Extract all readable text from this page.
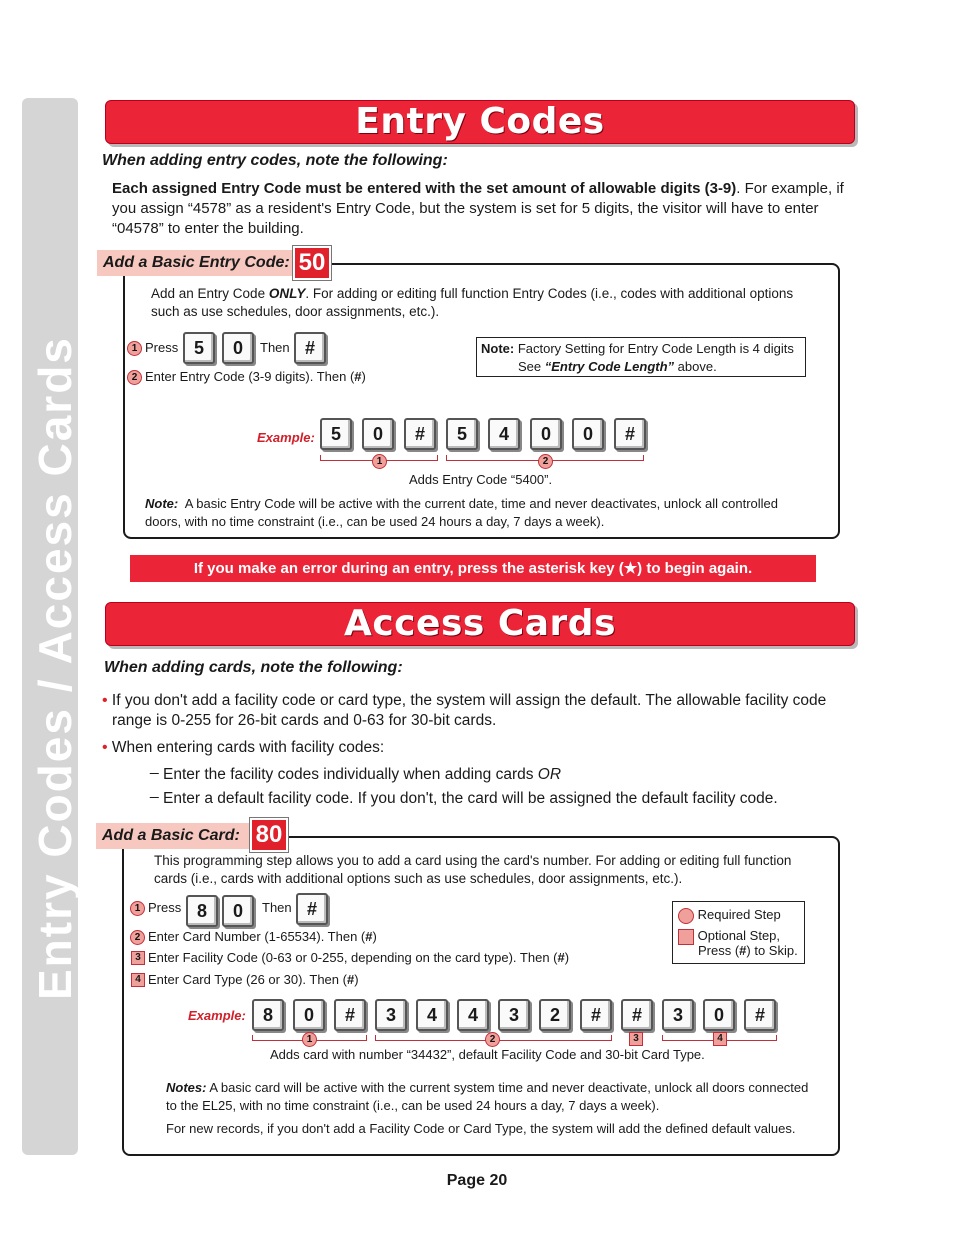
Entry Codes / Access Cards
Entry Codes
When adding entry codes, note the following:
Each assigned Entry Code must be entered with the set amount of allowable digits (3-9). For example, if
you assign “4578” as a resident's Entry Code, but the system is set for 5 digits, the visitor will have to enter
“04578” to enter the building.
Add a Basic Entry Code: 50
Add an Entry Code ONLY. For adding or editing full function Entry Codes (i.e., codes with additional options
such as use schedules, door assignments, etc.).
1 Press 5	0	Then #
2 Enter Entry Code (3-9 digits). Then (#)
Note: Factory Setting for Entry Code Length is 4 digits
See “Entry Code Length” above.
Example: 5	0	#	5	4	0	0	#
1	2
Adds Entry Code “5400”.
Note: A basic Entry Code will be active with the current date, time and never deactivates, unlock all controlled
doors, with no time constraint (i.e., can be used 24 hours a day, 7 days a week).
If you make an error during an entry, press the asterisk key (★) to begin again.
Access Cards
When adding cards, note the following:
• If you don't add a facility code or card type, the system will assign the default. The allowable facility code
range is 0-255 for 26-bit cards and 0-63 for 30-bit cards.
• When entering cards with facility codes:
_ Enter the facility codes individually when adding cards OR
_ Enter a default facility code. If you don't, the card will be assigned the default facility code.
Add a Basic Card: 80
This programming step allows you to add a card using the card's number. For adding or editing full function
cards (i.e., cards with additional options such as use schedules, door assignments, etc.).
1 Press 8	0	Then #
2 Enter Card Number (1-65534). Then (#)
3 Enter Facility Code (0-63 or 0-255, depending on the card type). Then (#)
4 Enter Card Type (26 or 30). Then (#)
Required Step
Optional Step,
Press (#) to Skip.
Example: 8	0	#	3	4	4	3	2	#	#	3	0	#
1	2	3	4
Adds card with number “34432”, default Facility Code and 30-bit Card Type.
Notes: A basic card will be active with the current system time and never deactivate, unlock all doors connected
to the EL25, with no time constraint (i.e., can be used 24 hours a day, 7 days a week).
For new records, if you don't add a Facility Code or Card Type, the system will add the defined default values.
Page 20
